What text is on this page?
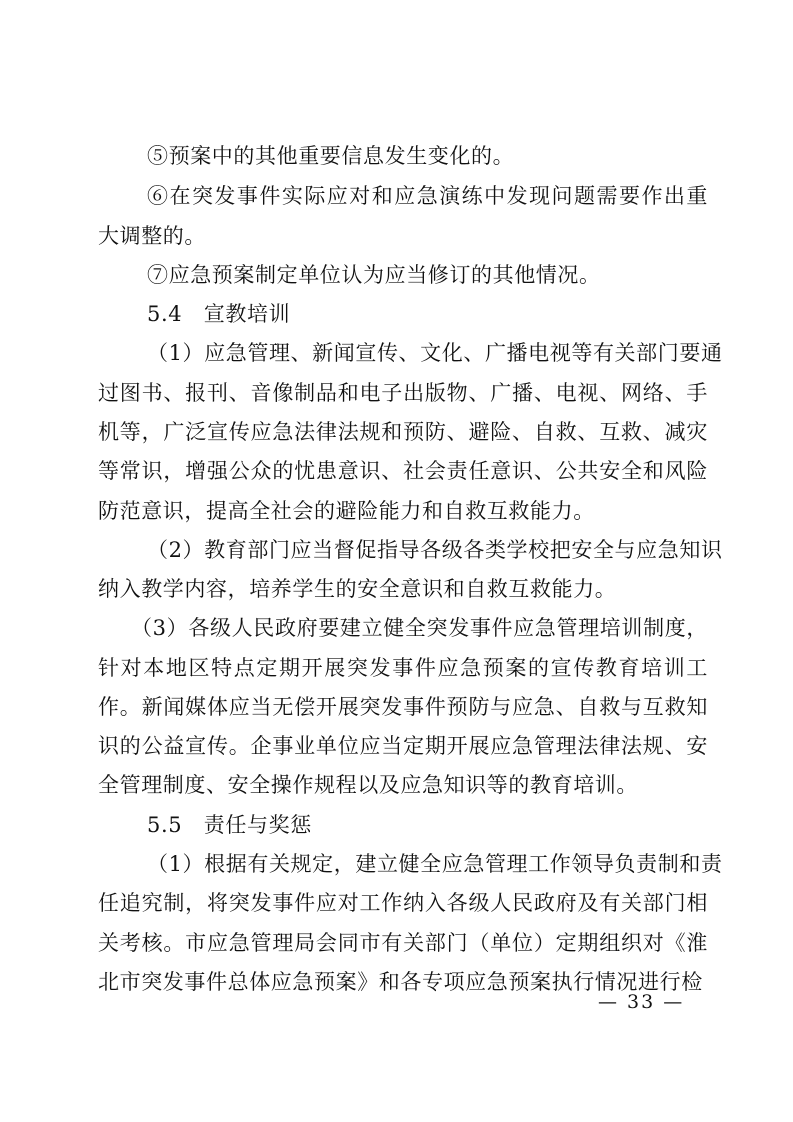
⑤预案中的其他重要信息发生变化的。
⑥在突发事件实际应对和应急演练中发现问题需要作出重
大调整的。
⑦应急预案制定单位认为应当修订的其他情况。
5.4　宣教培训
（1）应急管理、新闻宣传、文化、广播电视等有关部门要通
过图书、报刊、音像制品和电子出版物、广播、电视、网络、手
机等，广泛宣传应急法律法规和预防、避险、自救、互救、减灾
等常识，增强公众的忧患意识、社会责任意识、公共安全和风险
防范意识，提高全社会的避险能力和自救互救能力。
（2）教育部门应当督促指导各级各类学校把安全与应急知识
纳入教学内容，培养学生的安全意识和自救互救能力。
（3）各级人民政府要建立健全突发事件应急管理培训制度，
针对本地区特点定期开展突发事件应急预案的宣传教育培训工
作。新闻媒体应当无偿开展突发事件预防与应急、自救与互救知
识的公益宣传。企事业单位应当定期开展应急管理法律法规、安
全管理制度、安全操作规程以及应急知识等的教育培训。
5.5　责任与奖惩
（1）根据有关规定，建立健全应急管理工作领导负责制和责
任追究制，将突发事件应对工作纳入各级人民政府及有关部门相
关考核。市应急管理局会同市有关部门（单位）定期组织对《淮
北市突发事件总体应急预案》和各专项应急预案执行情况进行检
— 33 —
